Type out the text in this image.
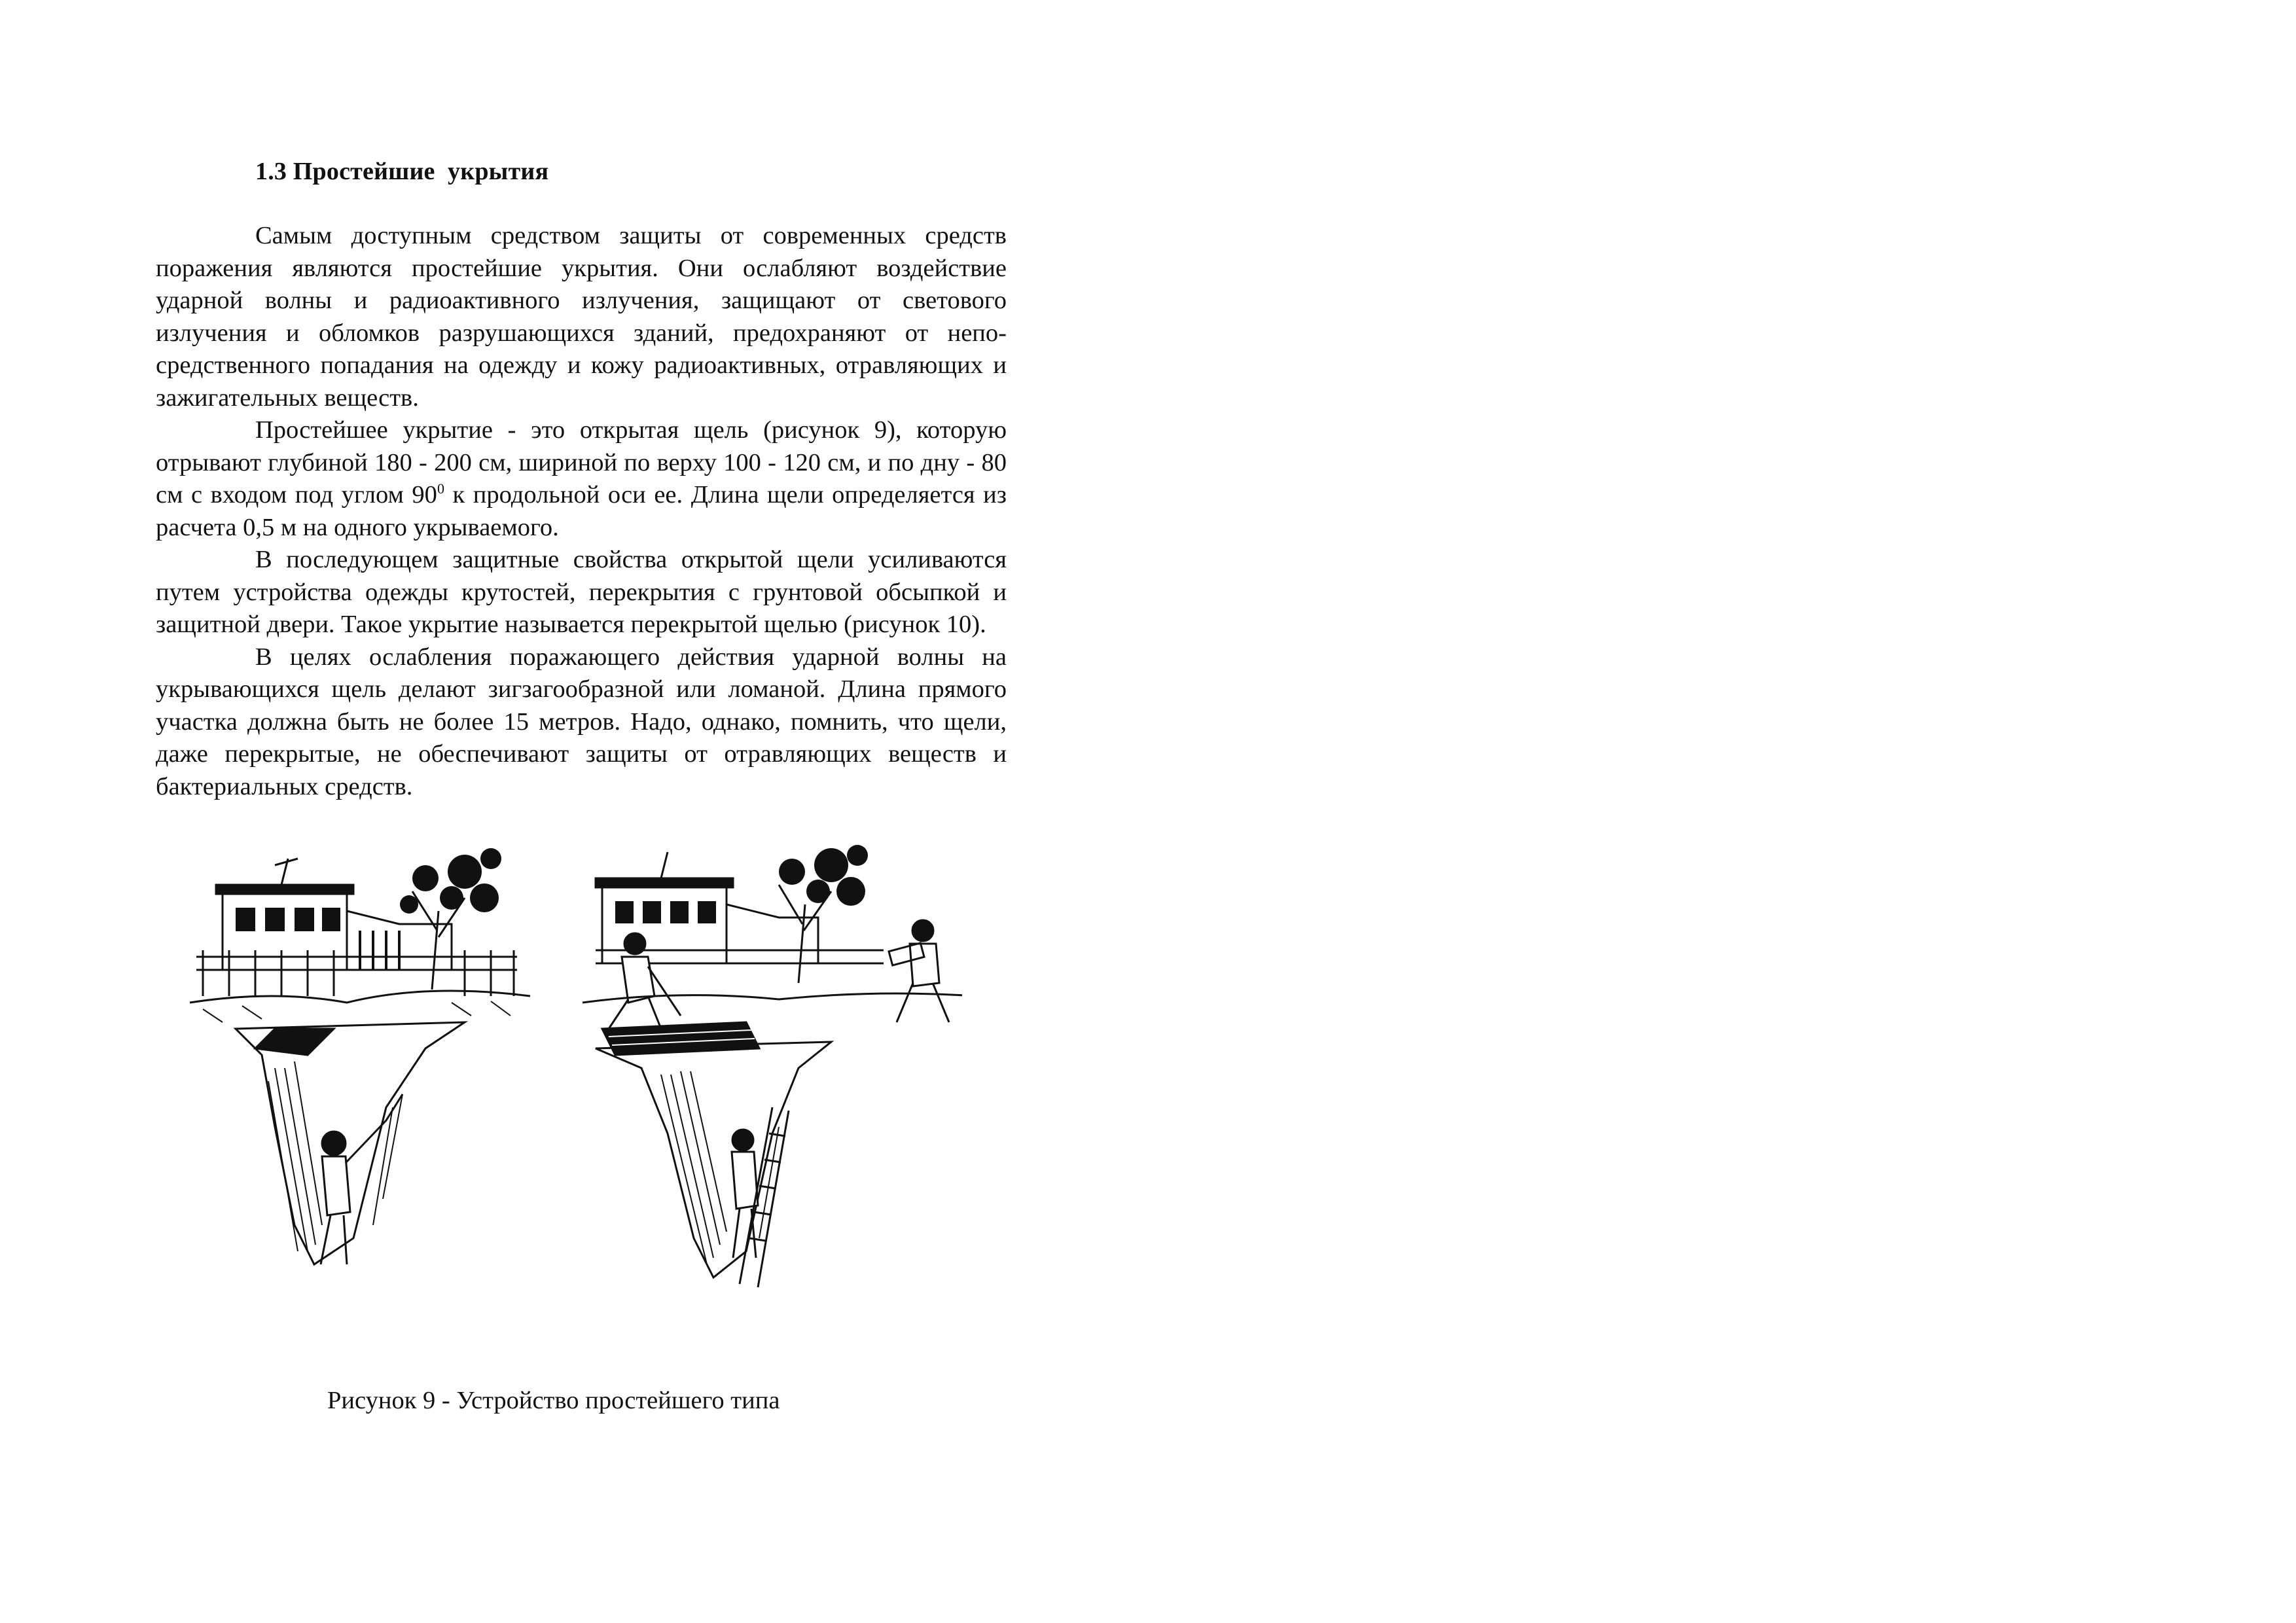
1.3 Простейшие  укрытия

Самым доступным средством защиты от современных средств поражения являются простейшие укрытия. Они ослабляют воздействие ударной волны и радиоактивного излучения, защищают от светового излучения и обломков разрушающихся зданий, предохраняют от непосредственного попадания на одежду и кожу радиоактивных, отравляющих и зажигательных веществ.

Простейшее укрытие - это открытая щель (рисунок 9), которую отрывают глубиной 180 - 200 см, шириной по верху 100 - 120 см, и по дну - 80 см с входом под углом $90^0$ к продольной оси ее. Длина щели определяется из расчета 0,5 м на одного укрываемого.

В последующем защитные свойства открытой щели усиливаются путем устройства одежды крутостей, перекрытия с грунтовой обсыпкой и защитной двери. Такое укрытие называется перекрытой щелью (рисунок 10).

В целях ослабления поражающего действия ударной волны на укрывающихся щель делают зигзагообразной или ломаной. Длина прямого участка должна быть не более 15 метров. Надо, однако, помнить, что щели, даже перекрытые, не обеспечивают защиты от отравляющих веществ и бактериальных средств.

Рисунок 9 - Устройство простейшего типа
